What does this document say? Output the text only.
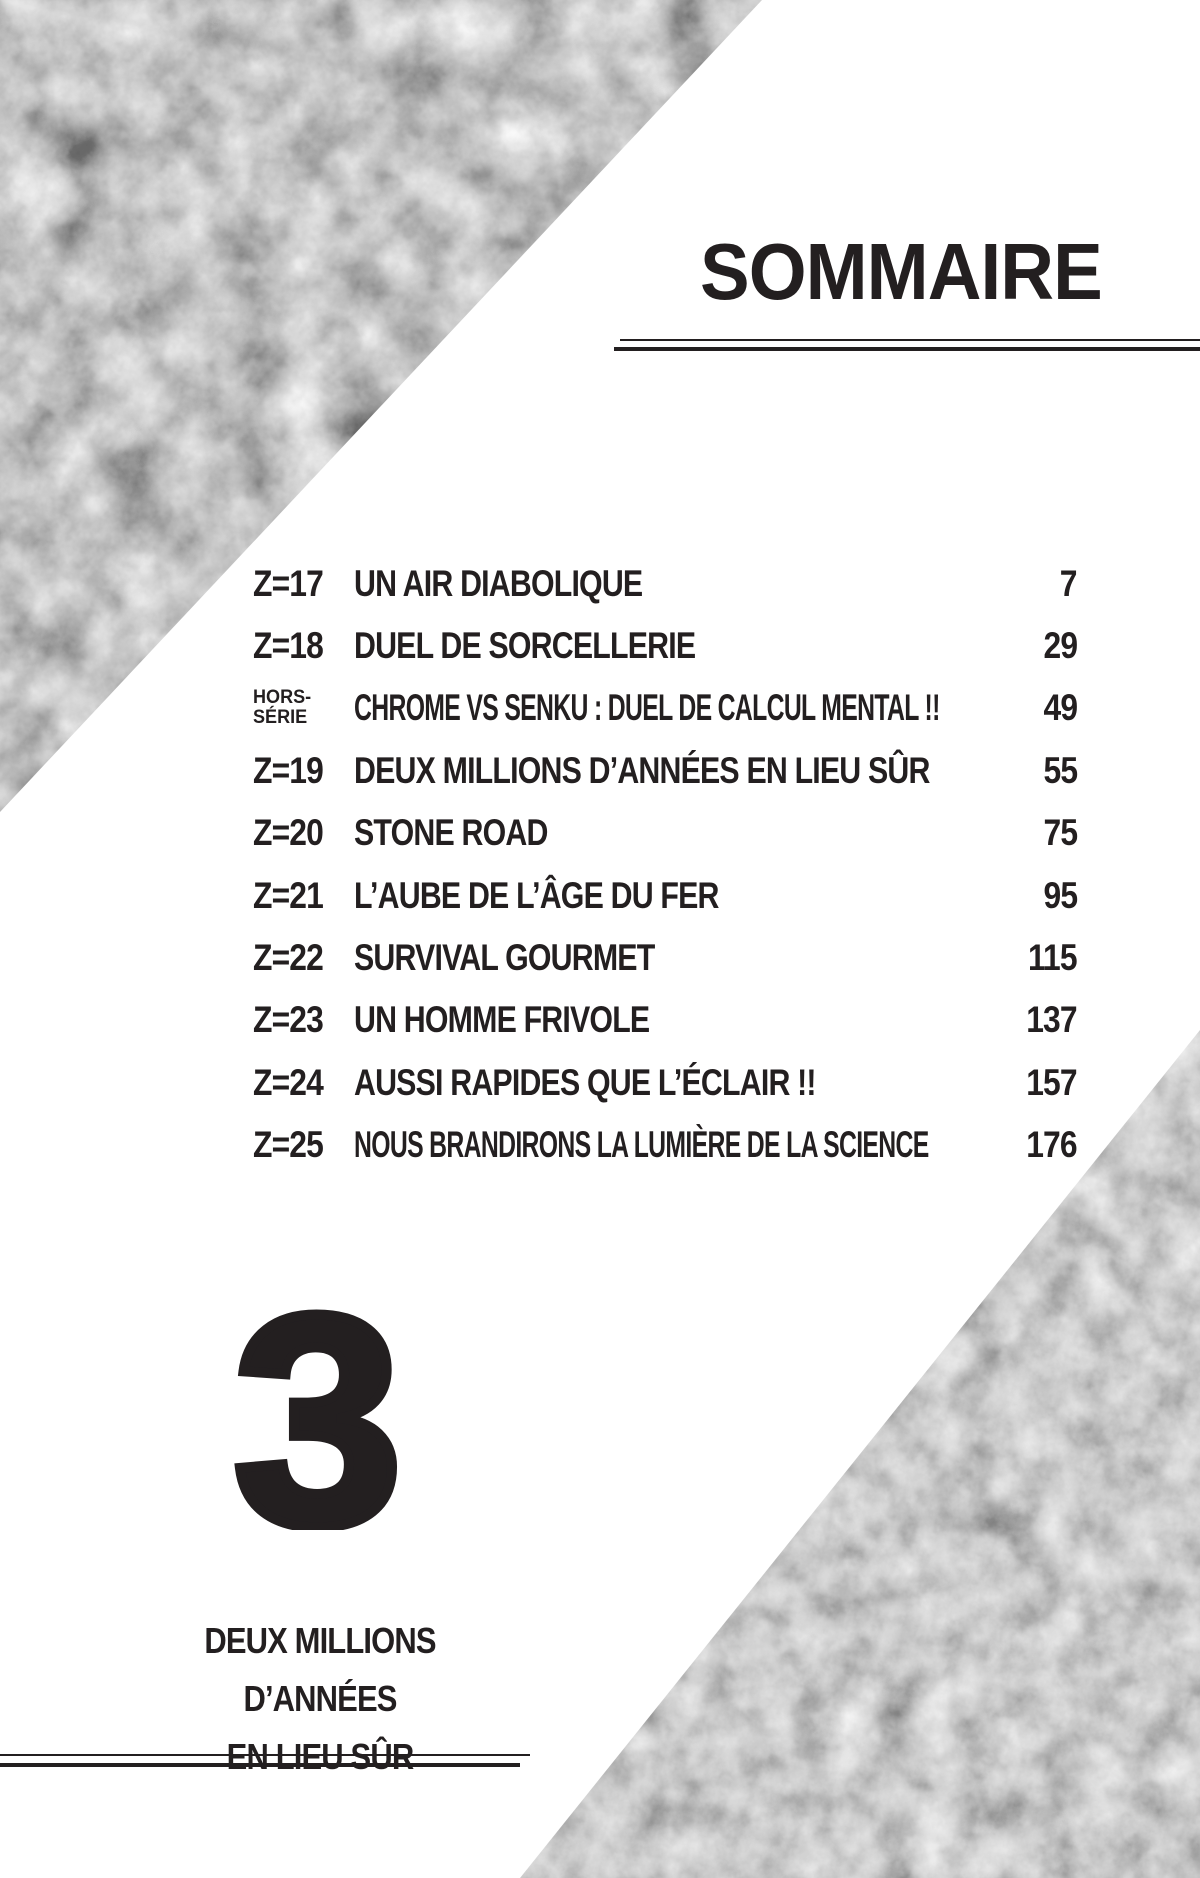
SOMMAIRE
Z=17 UN AIR DIABOLIQUE	7
Z=18 DUEL DE SORCELLERIE	29
HORS-
SÉRIE	CHROME VS SENKU : DUEL DE CALCUL MENTAL !!	49
Z=19 DEUX MILLIONS D’ANNÉES EN LIEU SÛR	55
Z=20 STONE ROAD	75
Z=21 L’AUBE DE L’ÂGE DU FER	95
Z=22 SURVIVAL GOURMET	115
Z=23 UN HOMME FRIVOLE	137
Z=24 AUSSI RAPIDES QUE L’ÉCLAIR !!	157
Z=25 NOUS BRANDIRONS LA LUMIÈRE DE LA SCIENCE	176
3
DEUX MILLIONS D’ANNÉES
EN LIEU SÛR
